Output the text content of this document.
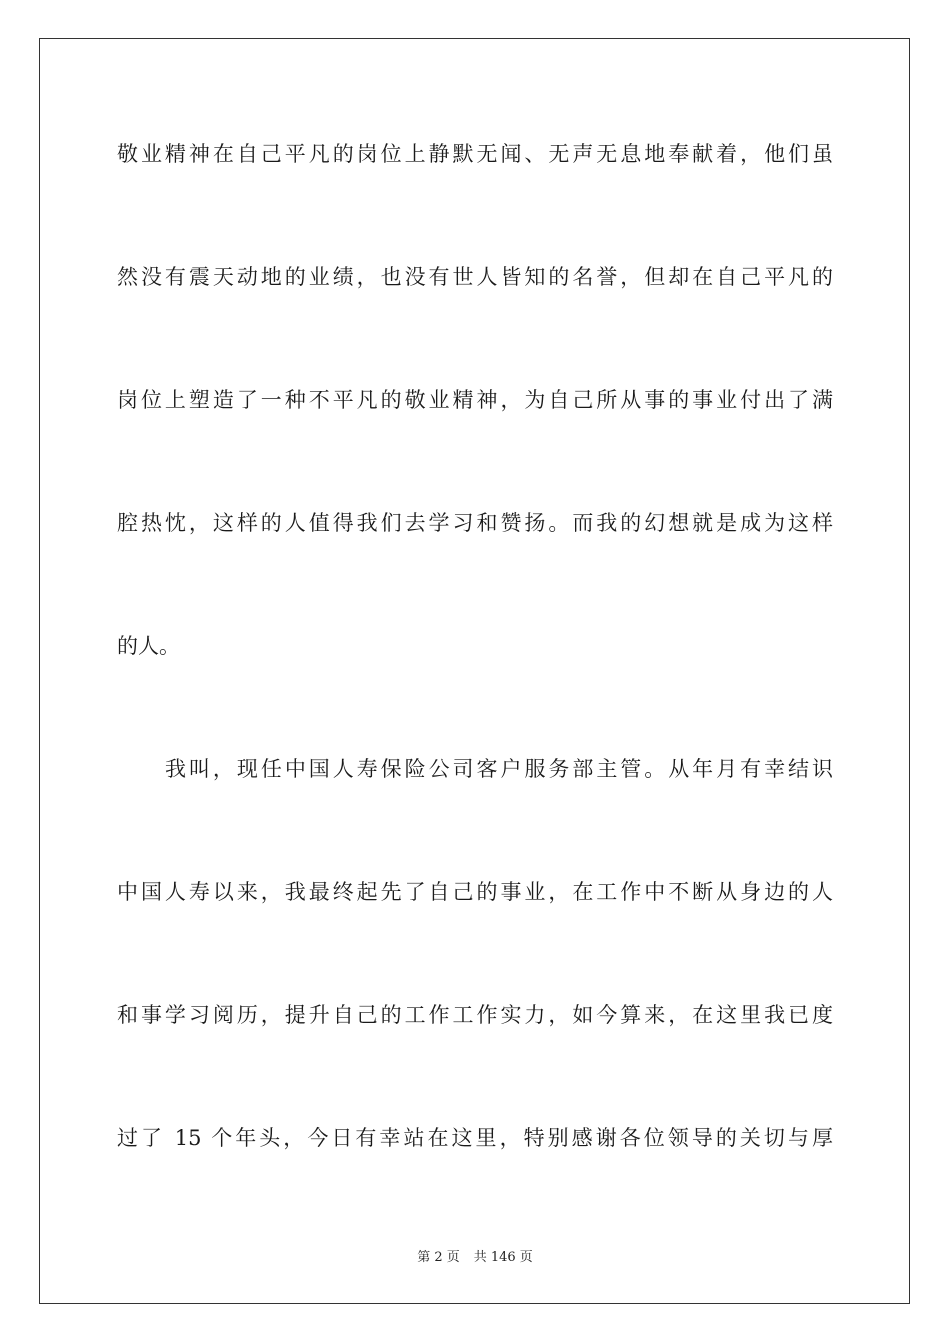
敬业精神在自己平凡的岗位上静默无闻、无声无息地奉献着，他们虽
然没有震天动地的业绩，也没有世人皆知的名誉，但却在自己平凡的
岗位上塑造了一种不平凡的敬业精神，为自己所从事的事业付出了满
腔热忱，这样的人值得我们去学习和赞扬。而我的幻想就是成为这样
的人。
我叫，现任中国人寿保险公司客户服务部主管。从年月有幸结识
中国人寿以来，我最终起先了自己的事业，在工作中不断从身边的人
和事学习阅历，提升自己的工作工作实力，如今算来，在这里我已度
过了 15 个年头，今日有幸站在这里，特别感谢各位领导的关切与厚
第 2 页 共 146 页
